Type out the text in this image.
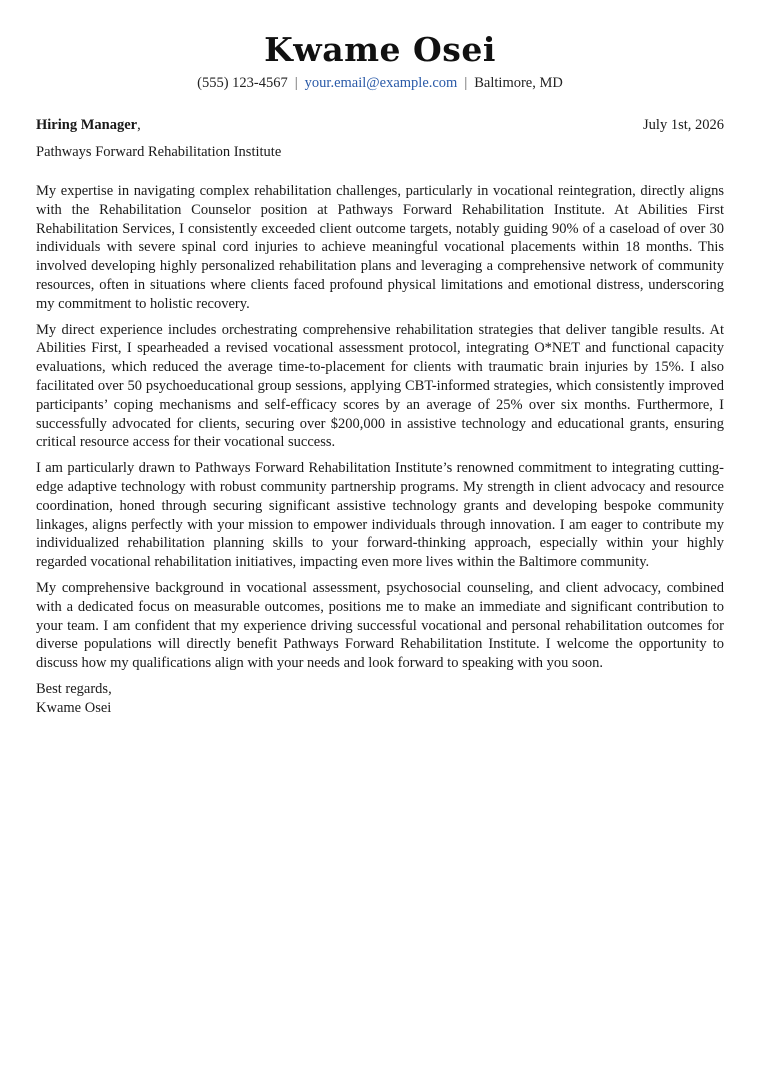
Kwame Osei
(555) 123-4567 | your.email@example.com | Baltimore, MD
Hiring Manager,	July 1st, 2026
Pathways Forward Rehabilitation Institute

My expertise in navigating complex rehabilitation challenges, particularly in vocational reintegration, directly aligns with the Rehabilitation Counselor position at Pathways Forward Rehabilitation Institute. At Abilities First Rehabilitation Services, I consistently exceeded client outcome targets, notably guiding 90% of a caseload of over 30 individuals with severe spinal cord injuries to achieve meaningful vocational placements within 18 months. This involved developing highly personalized rehabilitation plans and leveraging a comprehensive network of community resources, often in situations where clients faced profound physical limitations and emotional distress, underscoring my commitment to holistic recovery.

My direct experience includes orchestrating comprehensive rehabilitation strategies that deliver tangible results. At Abilities First, I spearheaded a revised vocational assessment protocol, integrating O*NET and functional capacity evaluations, which reduced the average time-to-placement for clients with traumatic brain injuries by 15%. I also facilitated over 50 psychoeducational group sessions, applying CBT-informed strategies, which consistently improved participants’ coping mechanisms and self-efficacy scores by an average of 25% over six months. Furthermore, I successfully advocated for clients, securing over $200,000 in assistive technology and educational grants, ensuring critical resource access for their vocational success.

I am particularly drawn to Pathways Forward Rehabilitation Institute’s renowned commitment to integrating cutting-edge adaptive technology with robust community partnership programs. My strength in client advocacy and resource coordination, honed through securing significant assistive technology grants and developing bespoke community linkages, aligns perfectly with your mission to empower individuals through innovation. I am eager to contribute my individualized rehabilitation planning skills to your forward-thinking approach, especially within your highly regarded vocational rehabilitation initiatives, impacting even more lives within the Baltimore community.

My comprehensive background in vocational assessment, psychosocial counseling, and client advocacy, combined with a dedicated focus on measurable outcomes, positions me to make an immediate and significant contribution to your team. I am confident that my experience driving successful vocational and personal rehabilitation outcomes for diverse populations will directly benefit Pathways Forward Rehabilitation Institute. I welcome the opportunity to discuss how my qualifications align with your needs and look forward to speaking with you soon.

Best regards,
Kwame Osei
